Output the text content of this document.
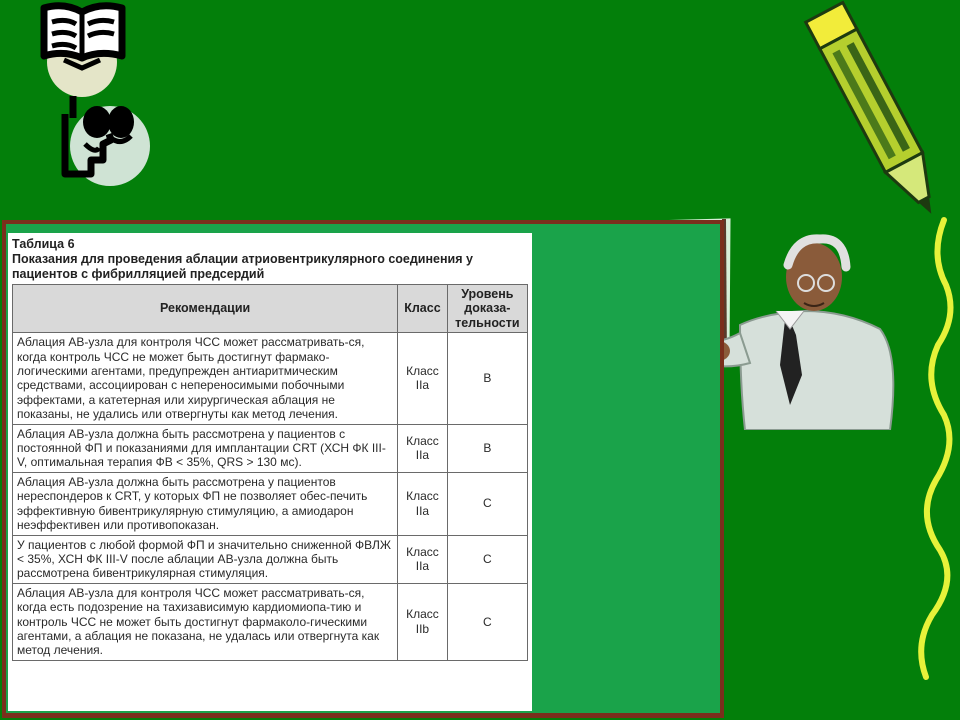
Таблица 6
Показания для проведения аблации атриовентрикулярного соединения у пациентов с фибрилляцией предсердий
Рекомендации	Класс	Уровень доказа-тельности
Аблация АВ-узла для контроля ЧСС может рассматривать-ся, когда контроль ЧСС не может быть достигнут фармако-логическими агентами, предупрежден антиаритмическим средствами, ассоциирован с непереносимыми побочными эффектами, а катетерная или хирургическая аблация не показаны, не удались или отвергнуты как метод лечения.	Класс IIa	B
Аблация АВ-узла должна быть рассмотрена у пациентов с постоянной ФП и показаниями для имплантации CRT (ХСН ФК III-V, оптимальная терапия ФВ < 35%, QRS > 130 мс).	Класс IIa	B
Аблация АВ-узла должна быть рассмотрена у пациентов нереспондеров к CRT, у которых ФП не позволяет обес-печить эффективную бивентрикулярную стимуляцию, а амиодарон неэффективен или противопоказан.	Класс IIa	C
У пациентов с любой формой ФП и значительно сниженной ФВЛЖ < 35%, ХСН ФК III-V после аблации АВ-узла должна быть рассмотрена бивентрикулярная стимуляция.	Класс IIa	C
Аблация АВ-узла для контроля ЧСС может рассматривать-ся, когда есть подозрение на тахизависимую кардиомиопа-тию и контроль ЧСС не может быть достигнут фармаколо-гическими агентами, а аблация не показана, не удалась или отвергнута как метод лечения.	Класс IIb	C
